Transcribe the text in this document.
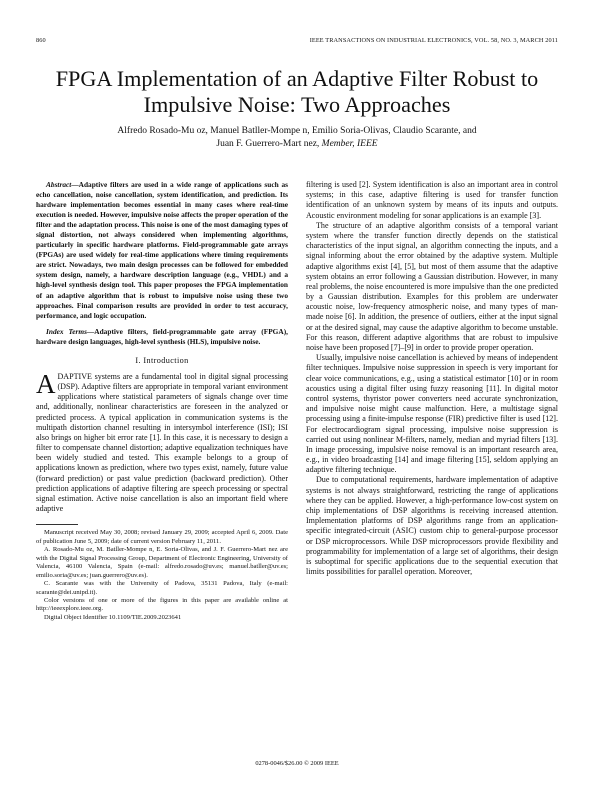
860	IEEE TRANSACTIONS ON INDUSTRIAL ELECTRONICS, VOL. 58, NO. 3, MARCH 2011
FPGA Implementation of an Adaptive Filter Robust to Impulsive Noise: Two Approaches
Alfredo Rosado-Mu oz, Manuel Batller-Mompe n, Emilio Soria-Olivas, Claudio Scarante, and
Juan F. Guerrero-Mart nez, Member, IEEE

Abstract—Adaptive filters are used in a wide range of applications such as echo cancellation, noise cancellation, system identification, and prediction. Its hardware implementation becomes essential in many cases where real-time execution is needed. However, impulsive noise affects the proper operation of the filter and the adaptation process. This noise is one of the most damaging types of signal distortion, not always considered when implementing algorithms, particularly in specific hardware platforms. Field-programmable gate arrays (FPGAs) are used widely for real-time applications where timing requirements are strict. Nowadays, two main design processes can be followed for embedded system design, namely, a hardware description language (e.g., VHDL) and a high-level synthesis design tool. This paper proposes the FPGA implementation of an adaptive algorithm that is robust to impulsive noise using these two approaches. Final comparison results are provided in order to test accuracy, performance, and logic occupation.

Index Terms—Adaptive filters, field-programmable gate array (FPGA), hardware design languages, high-level synthesis (HLS), impulsive noise.

I. Introduction

ADAPTIVE systems are a fundamental tool in digital signal processing (DSP). Adaptive filters are appropriate in temporal variant environment applications where statistical parameters of signals change over time and, additionally, nonlinear characteristics are foreseen in the analyzed or predicted process. A typical application in communication systems is the multipath distortion channel resulting in intersymbol interference (ISI); ISI also brings on higher bit error rate [1]. In this case, it is necessary to design a filter to compensate channel distortion; adaptive equalization techniques have been widely studied and tested. This example belongs to a group of applications known as prediction, where two types exist, namely, future value (forward prediction) or past value prediction (backward prediction). Other prediction applications of adaptive filtering are speech processing or spectral signal estimation. Active noise cancellation is also an important field where adaptive

Manuscript received May 30, 2008; revised January 29, 2009; accepted April 6, 2009. Date of publication June 5, 2009; date of current version February 11, 2011.

A. Rosado-Mu oz, M. Batller-Mompe n, E. Soria-Olivas, and J. F. Guerrero-Mart nez are with the Digital Signal Processing Group, Department of Electronic Engineering, University of Valencia, 46100 Valencia, Spain (e-mail: alfredo.rosado@uv.es; manuel.batller@uv.es; emilio.soria@uv.es; juan.guerrero@uv.es).

C. Scarante was with the University of Padova, 35131 Padova, Italy (e-mail: scarante@dei.unipd.it).

Color versions of one or more of the figures in this paper are available online at http://ieeexplore.ieee.org.

Digital Object Identifier 10.1109/TIE.2009.2023641

filtering is used [2]. System identification is also an important area in control systems; in this case, adaptive filtering is used for transfer function identification of an unknown system by means of its inputs and outputs. Acoustic environment modeling for sonar applications is an example [3].

The structure of an adaptive algorithm consists of a temporal variant system where the transfer function directly depends on the statistical characteristics of the input signal, an algorithm connecting the inputs, and a signal informing about the error obtained by the adaptive system. Multiple adaptive algorithms exist [4], [5], but most of them assume that the adaptive system obtains an error following a Gaussian distribution. However, in many real problems, the noise encountered is more impulsive than the one predicted by a Gaussian distribution. Examples for this problem are underwater acoustic noise, low-frequency atmospheric noise, and many types of man-made noise [6]. In addition, the presence of outliers, either at the input signal or at the desired signal, may cause the adaptive algorithm to become unstable. For this reason, different adaptive algorithms that are robust to impulsive noise have been proposed [7]–[9] in order to provide proper operation.

Usually, impulsive noise cancellation is achieved by means of independent filter techniques. Impulsive noise suppression in speech is very important for clear voice communications, e.g., using a statistical estimator [10] or in room acoustics using a digital filter using fuzzy reasoning [11]. In digital motor control systems, thyristor power converters need accurate synchronization, and impulsive noise might cause malfunction. Here, a multistage signal processing using a finite-impulse response (FIR) predictive filter is used [12]. For electrocardiogram signal processing, impulsive noise suppression is carried out using nonlinear M-filters, namely, median and myriad filters [13]. In image processing, impulsive noise removal is an important research area, e.g., in video broadcasting [14] and image filtering [15], seldom applying an adaptive filtering technique.

Due to computational requirements, hardware implementation of adaptive systems is not always straightforward, restricting the range of applications where they can be applied. However, a high-performance low-cost system on chip implementations of DSP algorithms is receiving increased attention. Implementation platforms of DSP algorithms range from an application-specific integrated-circuit (ASIC) custom chip to general-purpose processor or DSP microprocessors. While DSP microprocessors provide flexibility and programmability for implementation of a large set of algorithms, their design is suboptimal for specific applications due to the sequential execution that limits possibilities for parallel operation. Moreover,

0278-0046/$26.00 © 2009 IEEE
